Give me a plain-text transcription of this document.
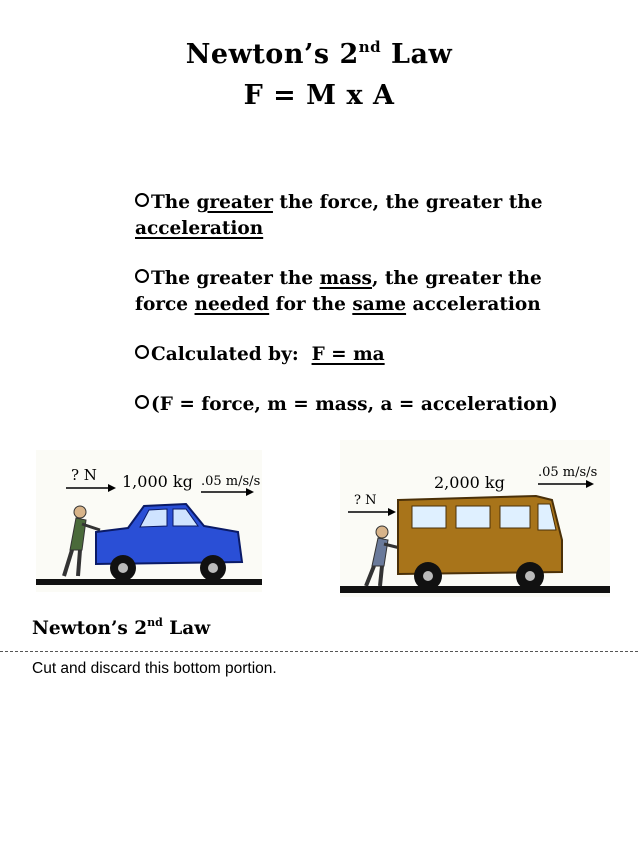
Newton’s 2nd Law
F = M x A
The greater the force, the greater the acceleration
The greater the mass, the greater the force needed for the same acceleration
Calculated by:  F = ma
(F = force, m = mass, a = acceleration)
? N 1,000 kg .05 m/s/s
.05 m/s/s
2,000 kg
? N
Newton’s 2nd Law
Cut and discard this bottom portion.
